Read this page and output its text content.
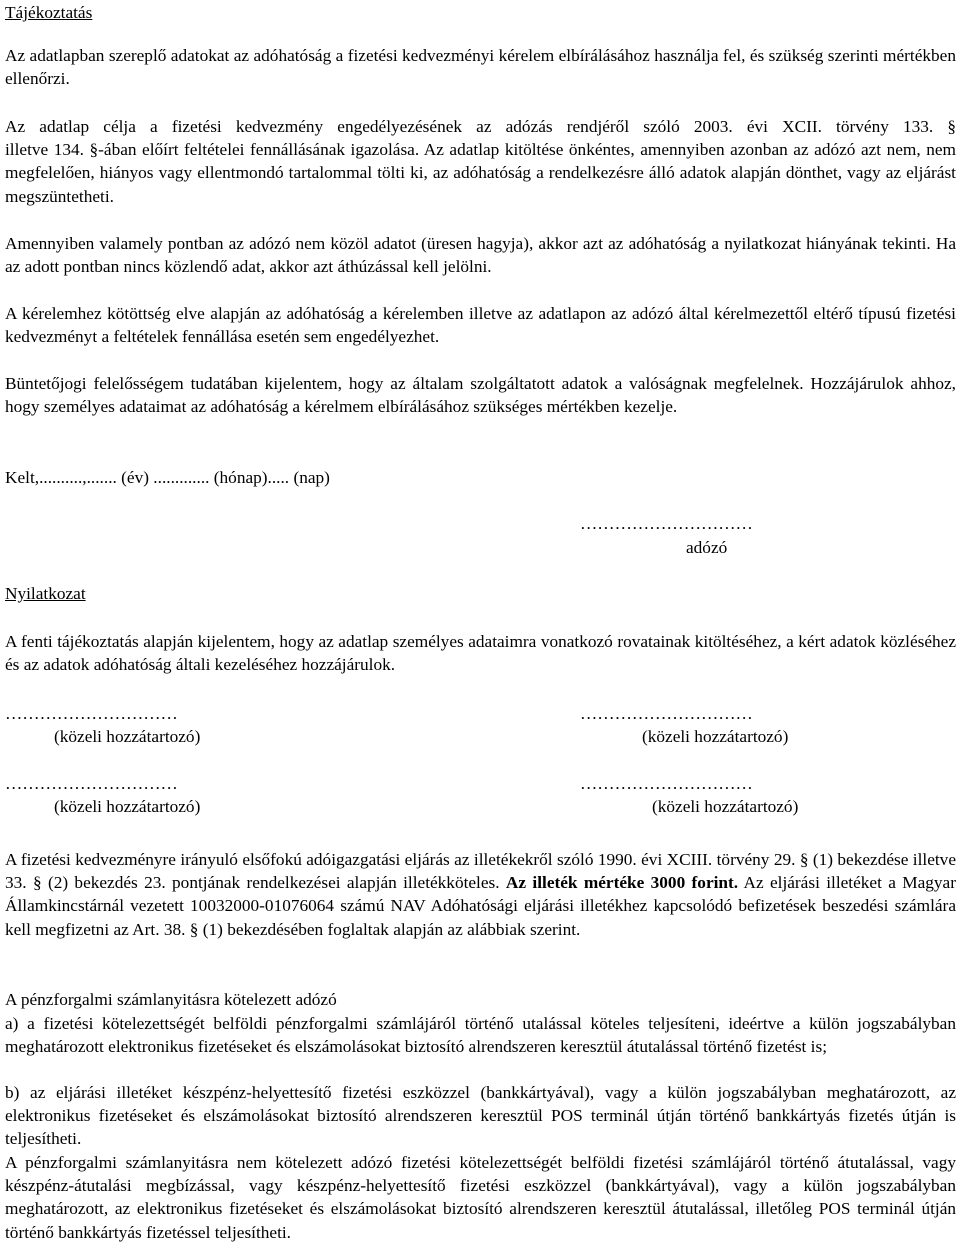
Tájékoztatás

Az adatlapban szereplő adatokat az adóhatóság a fizetési kedvezményi kérelem elbírálásához használja fel, és szükség szerinti mértékben ellenőrzi.

Az adatlap célja a fizetési kedvezmény engedélyezésének az adózás rendjéről szóló 2003. évi XCII. törvény 133. §

illetve 134. §-ában előírt feltételei fennállásának igazolása. Az adatlap kitöltése önkéntes, amennyiben azonban az adózó azt nem, nem megfelelően, hiányos vagy ellentmondó tartalommal tölti ki, az adóhatóság a rendelkezésre álló adatok alapján dönthet, vagy az eljárást megszüntetheti.

Amennyiben valamely pontban az adózó nem közöl adatot (üresen hagyja), akkor azt az adóhatóság a nyilatkozat hiányának tekinti. Ha az adott pontban nincs közlendő adat, akkor azt áthúzással kell jelölni.

A kérelemhez kötöttség elve alapján az adóhatóság a kérelemben illetve az adatlapon az adózó által kérelmezettől eltérő típusú fizetési kedvezményt a feltételek fennállása esetén sem engedélyezhet.

Büntetőjogi felelősségem tudatában kijelentem, hogy az általam szolgáltatott adatok a valóságnak megfelelnek. Hozzájárulok ahhoz, hogy személyes adataimat az adóhatóság a kérelmem elbírálásához szükséges mértékben kezelje.

Kelt,..........,....... (év) ............. (hónap)..... (nap)
…………………………
adózó
Nyilatkozat

A fenti tájékoztatás alapján kijelentem, hogy az adatlap személyes adataimra vonatkozó rovatainak kitöltéséhez, a kért adatok közléséhez és az adatok adóhatóság általi kezeléséhez hozzájárulok.

…………………………	…………………………
(közeli hozzátartozó)	(közeli hozzátartozó)
…………………………	…………………………
(közeli hozzátartozó)	(közeli hozzátartozó)

A fizetési kedvezményre irányuló elsőfokú adóigazgatási eljárás az illetékekről szóló 1990. évi XCIII. törvény 29. § (1) bekezdése illetve 33. § (2) bekezdés 23. pontjának rendelkezései alapján illetékköteles. Az illeték mértéke 3000 forint. Az eljárási illetéket a Magyar Államkincstárnál vezetett 10032000-01076064 számú NAV Adóhatósági eljárási illetékhez kapcsolódó befizetések beszedési számlára kell megfizetni az Art. 38. § (1) bekezdésében foglaltak alapján az alábbiak szerint.

A pénzforgalmi számlanyitásra kötelezett adózó

a) a fizetési kötelezettségét belföldi pénzforgalmi számlájáról történő utalással köteles teljesíteni, ideértve a külön jogszabályban meghatározott elektronikus fizetéseket és elszámolásokat biztosító alrendszeren keresztül átutalással történő fizetést is;

b) az eljárási illetéket készpénz-helyettesítő fizetési eszközzel (bankkártyával), vagy a külön jogszabályban meghatározott, az elektronikus fizetéseket és elszámolásokat biztosító alrendszeren keresztül POS terminál útján történő bankkártyás fizetés útján is teljesítheti.

A pénzforgalmi számlanyitásra nem kötelezett adózó fizetési kötelezettségét belföldi fizetési számlájáról történő átutalással, vagy készpénz-átutalási megbízással, vagy készpénz-helyettesítő fizetési eszközzel (bankkártyával), vagy a külön jogszabályban meghatározott, az elektronikus fizetéseket és elszámolásokat biztosító alrendszeren keresztül átutalással, illetőleg POS terminál útján történő bankkártyás fizetéssel teljesítheti.
